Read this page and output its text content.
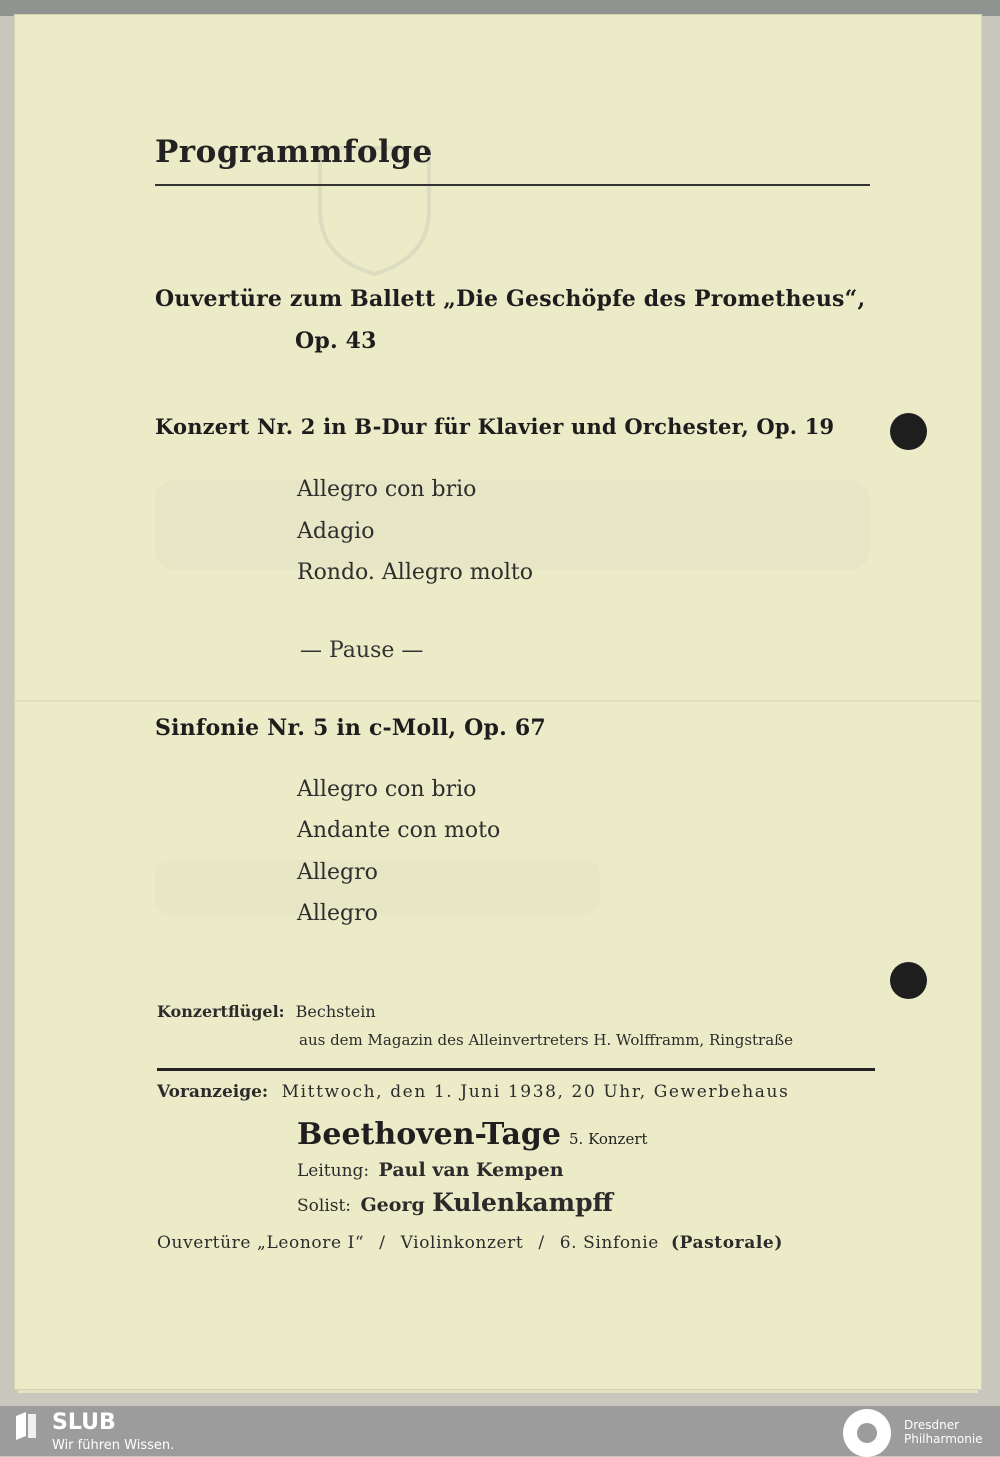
Programmfolge
Ouvertüre zum Ballett „Die Geschöpfe des Prometheus“,
Op. 43
Konzert Nr. 2 in B-Dur für Klavier und Orchester, Op. 19
Allegro con brio
Adagio
Rondo. Allegro molto
— Pause —
Sinfonie Nr. 5 in c-Moll, Op. 67
Allegro con brio
Andante con moto
Allegro
Allegro
Konzertflügel: Bechstein
aus dem Magazin des Alleinvertreters H. Wolfframm, Ringstraße
Voranzeige: Mittwoch, den 1. Juni 1938, 20 Uhr, Gewerbehaus
Beethoven-Tage 5. Konzert
Leitung: Paul van Kempen
Solist: Georg Kulenkampff
Ouvertüre „Leonore I“ / Violinkonzert / 6. Sinfonie (Pastorale)
SLUB
Wir führen Wissen.
Dresdner
Philharmonie
